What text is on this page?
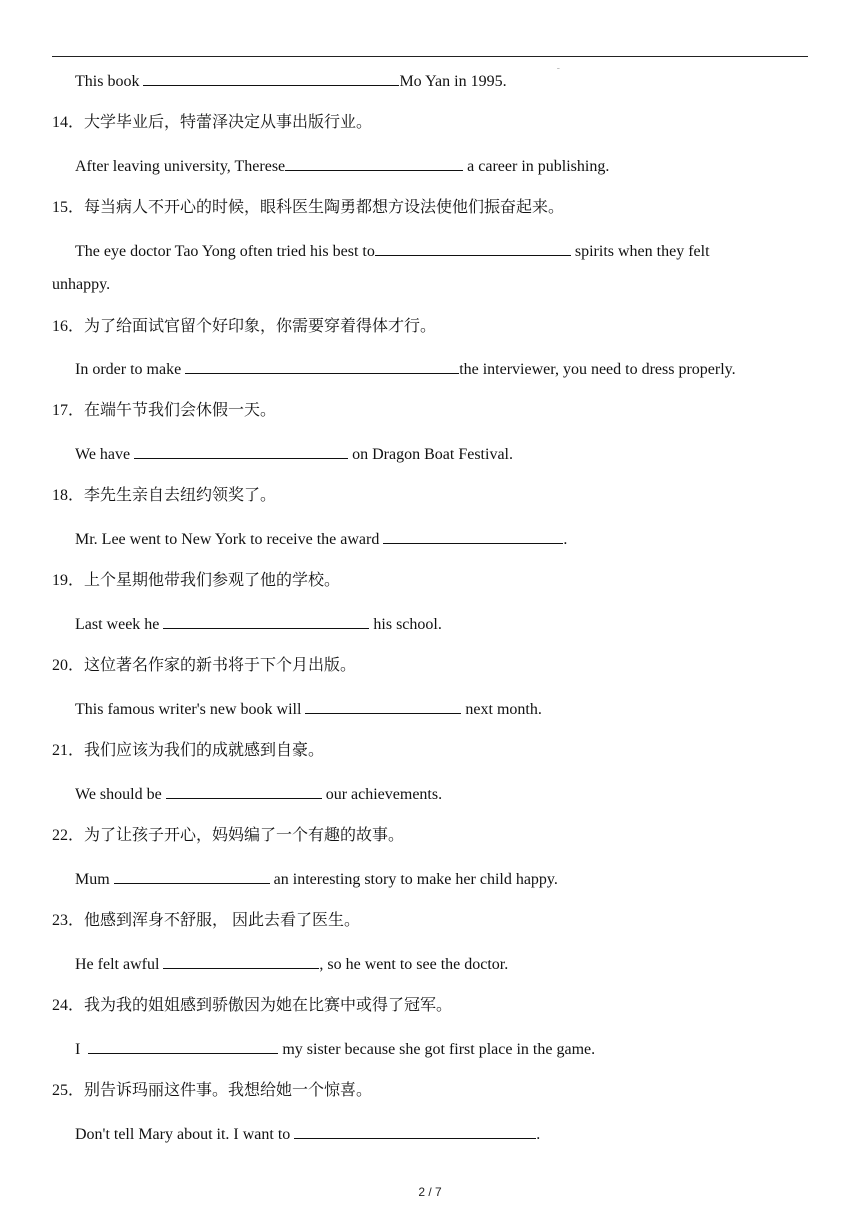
ˉ
This book	Mo Yan in 1995.
14．大学毕业后，特蕾泽决定从事出版行业。
After leaving university, Therese	a career in publishing.
15．每当病人不开心的时候，眼科医生陶勇都想方设法使他们振奋起来。
The eye doctor Tao Yong often tried his best to	spirits when they felt
unhappy.
16．为了给面试官留个好印象，你需要穿着得体才行。
In order to make	the interviewer, you need to dress properly.
17．在端午节我们会休假一天。
We have	on Dragon Boat Festival.
18．李先生亲自去纽约领奖了。
Mr. Lee went to New York to receive the award	.
19．上个星期他带我们参观了他的学校。
Last week he	his school.
20．这位著名作家的新书将于下个月出版。
This famous writer's new book will	next month.
21．我们应该为我们的成就感到自豪。
We should be	our achievements.
22．为了让孩子开心，妈妈编了一个有趣的故事。
Mum	an interesting story to make her child happy.
23．他感到浑身不舒服， 因此去看了医生。
He felt awful	, so he went to see the doctor.
24．我为我的姐姐感到骄傲因为她在比赛中或得了冠军。
I	my sister because she got first place in the game.
25．别告诉玛丽这件事。我想给她一个惊喜。
Don't tell Mary about it. I want to	.
2 / 7
